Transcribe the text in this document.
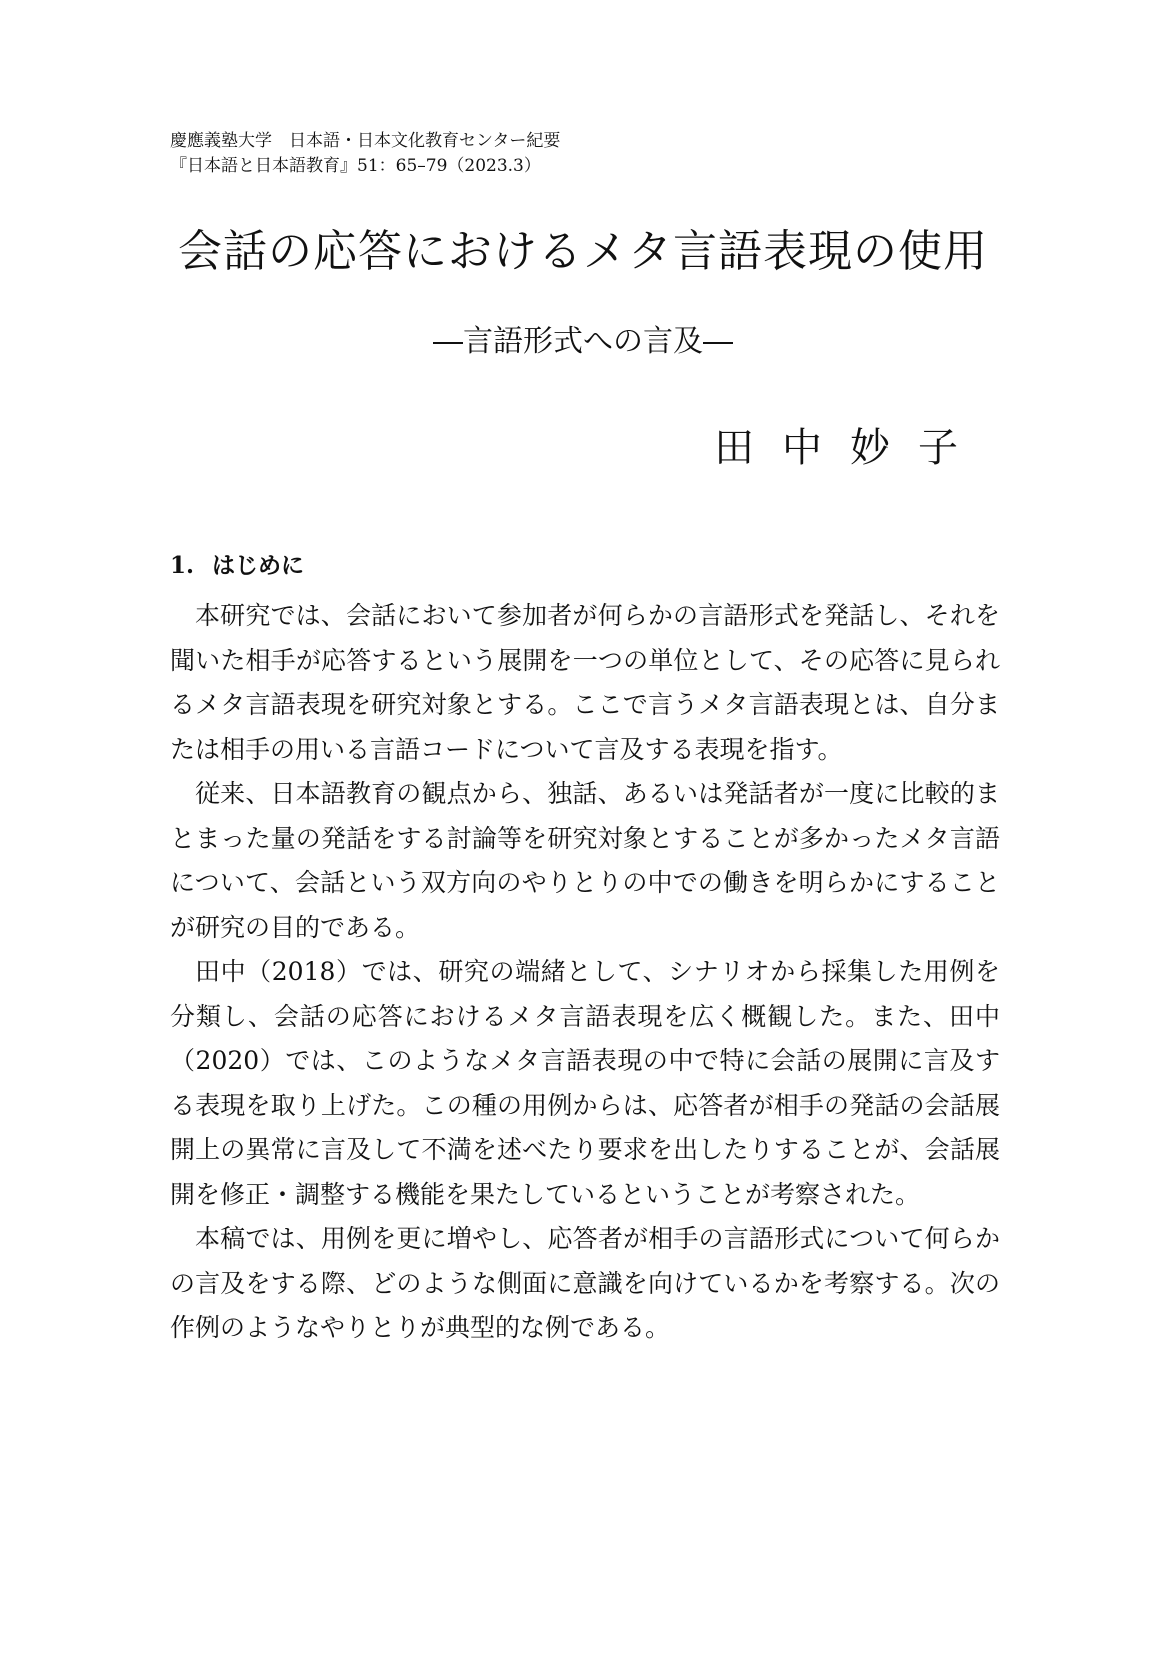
慶應義塾大学　日本語・日本文化教育センター紀要
『日本語と日本語教育』51：65–79（2023.3）
会話の応答におけるメタ言語表現の使用
―言語形式への言及―
田中妙子
1. はじめに

本研究では、会話において参加者が何らかの言語形式を発話し、それを聞いた相手が応答するという展開を一つの単位として、その応答に見られるメタ言語表現を研究対象とする。ここで言うメタ言語表現とは、自分または相手の用いる言語コードについて言及する表現を指す。

従来、日本語教育の観点から、独話、あるいは発話者が一度に比較的まとまった量の発話をする討論等を研究対象とすることが多かったメタ言語について、会話という双方向のやりとりの中での働きを明らかにすることが研究の目的である。

田中（2018）では、研究の端緒として、シナリオから採集した用例を分類し、会話の応答におけるメタ言語表現を広く概観した。また、田中（2020）では、このようなメタ言語表現の中で特に会話の展開に言及する表現を取り上げた。この種の用例からは、応答者が相手の発話の会話展開上の異常に言及して不満を述べたり要求を出したりすることが、会話展開を修正・調整する機能を果たしているということが考察された。

本稿では、用例を更に増やし、応答者が相手の言語形式について何らかの言及をする際、どのような側面に意識を向けているかを考察する。次の作例のようなやりとりが典型的な例である。
